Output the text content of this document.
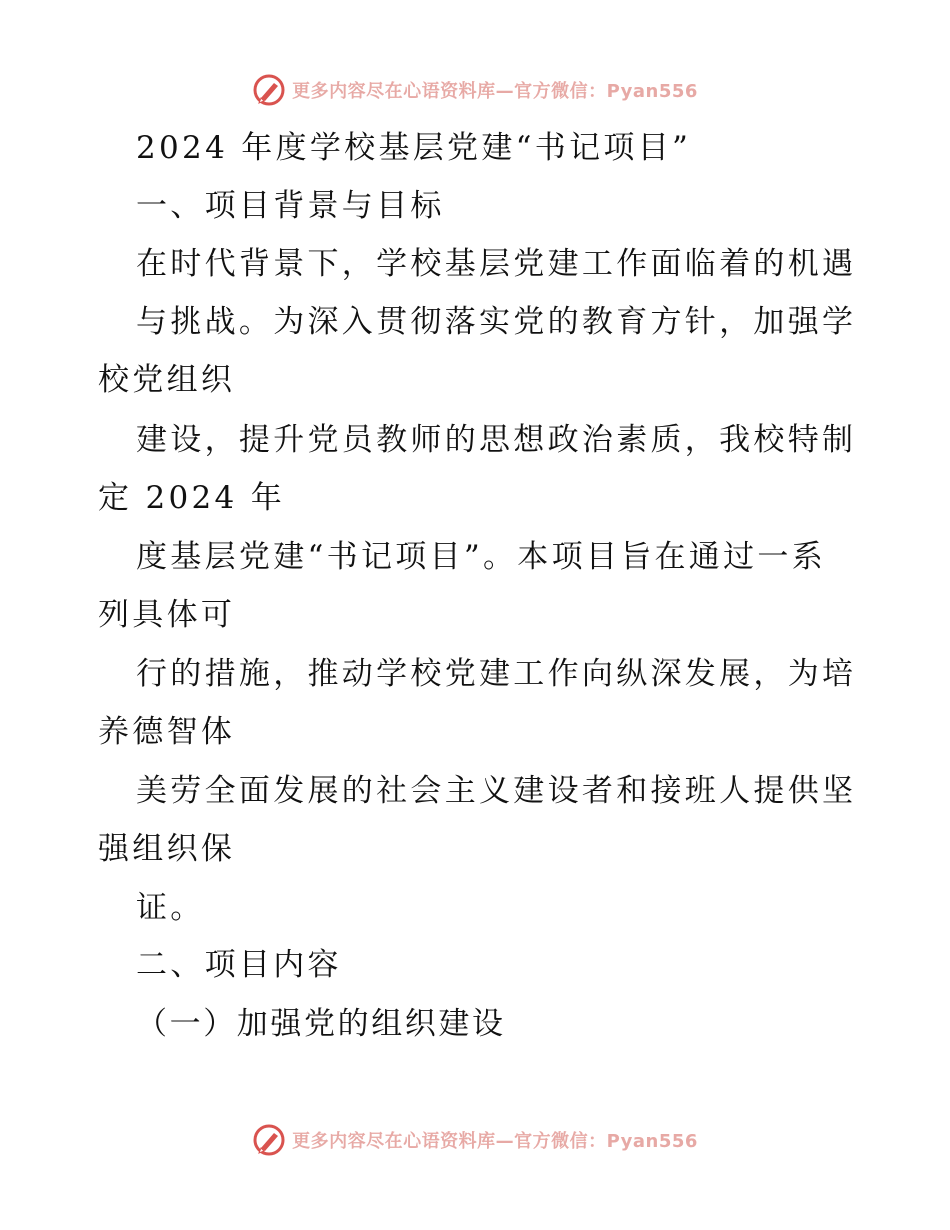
更多内容尽在心语资料库—官方微信：Pyan556
2024 年度学校基层党建“书记项目”
一、项目背景与目标
在时代背景下，学校基层党建工作面临着的机遇
与挑战。为深入贯彻落实党的教育方针，加强学
校党组织
建设，提升党员教师的思想政治素质，我校特制
定 2024 年
度基层党建“书记项目”。本项目旨在通过一系
列具体可
行的措施，推动学校党建工作向纵深发展，为培
养德智体
美劳全面发展的社会主义建设者和接班人提供坚
强组织保
证。
二、项目内容
（一）加强党的组织建设
更多内容尽在心语资料库—官方微信：Pyan556
